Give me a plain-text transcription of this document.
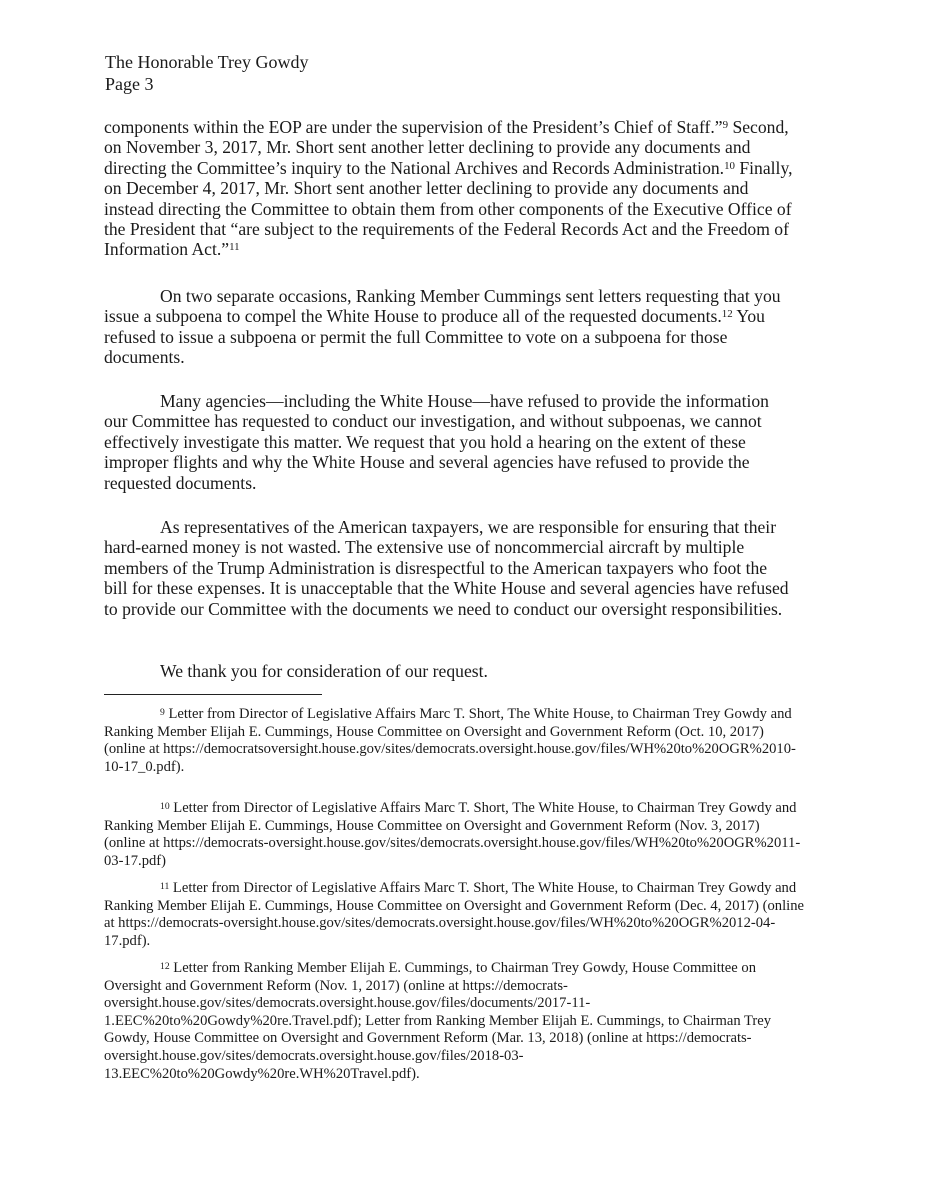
The Honorable Trey Gowdy
Page 3
components within the EOP are under the supervision of the President’s Chief of Staff.”$^9$ Second, on November 3, 2017, Mr. Short sent another letter declining to provide any documents and directing the Committee’s inquiry to the National Archives and Records Administration.$^{10}$ Finally, on December 4, 2017, Mr. Short sent another letter declining to provide any documents and instead directing the Committee to obtain them from other components of the Executive Office of the President that “are subject to the requirements of the Federal Records Act and the Freedom of Information Act.”$^{11}$
On two separate occasions, Ranking Member Cummings sent letters requesting that you issue a subpoena to compel the White House to produce all of the requested documents.$^{12}$ You refused to issue a subpoena or permit the full Committee to vote on a subpoena for those documents.
Many agencies—including the White House—have refused to provide the information our Committee has requested to conduct our investigation, and without subpoenas, we cannot effectively investigate this matter. We request that you hold a hearing on the extent of these improper flights and why the White House and several agencies have refused to provide the requested documents.
As representatives of the American taxpayers, we are responsible for ensuring that their hard-earned money is not wasted. The extensive use of noncommercial aircraft by multiple members of the Trump Administration is disrespectful to the American taxpayers who foot the bill for these expenses. It is unacceptable that the White House and several agencies have refused to provide our Committee with the documents we need to conduct our oversight responsibilities.
We thank you for consideration of our request.
$^9$ Letter from Director of Legislative Affairs Marc T. Short, The White House, to Chairman Trey Gowdy and Ranking Member Elijah E. Cummings, House Committee on Oversight and Government Reform (Oct. 10, 2017) (online at https://democratsoversight.house.gov/sites/democrats.oversight.house.gov/files/WH%20to%20OGR%2010-10-17_0.pdf).
$^{10}$ Letter from Director of Legislative Affairs Marc T. Short, The White House, to Chairman Trey Gowdy and Ranking Member Elijah E. Cummings, House Committee on Oversight and Government Reform (Nov. 3, 2017) (online at https://democrats-oversight.house.gov/sites/democrats.oversight.house.gov/files/WH%20to%20OGR%2011-03-17.pdf)
$^{11}$ Letter from Director of Legislative Affairs Marc T. Short, The White House, to Chairman Trey Gowdy and Ranking Member Elijah E. Cummings, House Committee on Oversight and Government Reform (Dec. 4, 2017) (online at https://democrats-oversight.house.gov/sites/democrats.oversight.house.gov/files/WH%20to%20OGR%2012-04-17.pdf).
$^{12}$ Letter from Ranking Member Elijah E. Cummings, to Chairman Trey Gowdy, House Committee on Oversight and Government Reform (Nov. 1, 2017) (online at https://democrats-oversight.house.gov/sites/democrats.oversight.house.gov/files/documents/2017-11-1.EEC%20to%20Gowdy%20re.Travel.pdf); Letter from Ranking Member Elijah E. Cummings, to Chairman Trey Gowdy, House Committee on Oversight and Government Reform (Mar. 13, 2018) (online at https://democrats-oversight.house.gov/sites/democrats.oversight.house.gov/files/2018-03-13.EEC%20to%20Gowdy%20re.WH%20Travel.pdf).
